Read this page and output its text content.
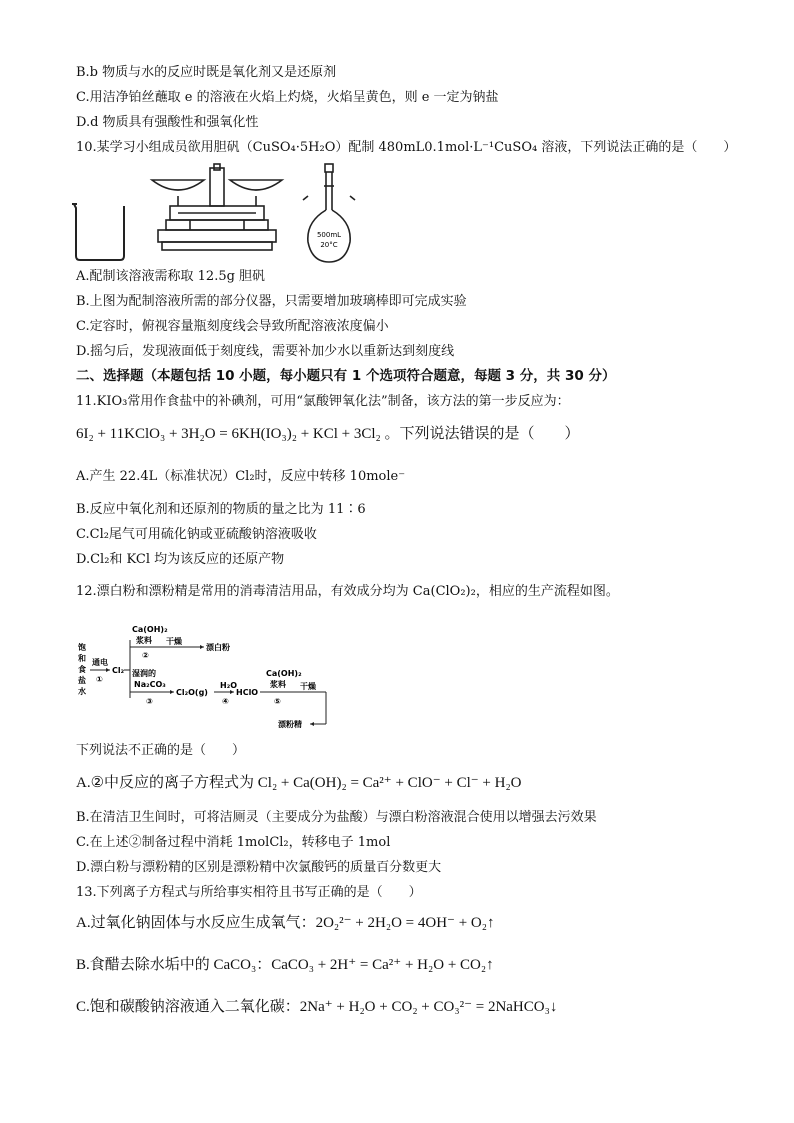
B.b 物质与水的反应时既是氧化剂又是还原剂
C.用洁净铂丝蘸取 e 的溶液在火焰上灼烧，火焰呈黄色，则 e 一定为钠盐
D.d 物质具有强酸性和强氧化性
10.某学习小组成员欲用胆矾（CuSO₄·5H₂O）配制 480mL0.1mol·L⁻¹CuSO₄ 溶液，下列说法正确的是（　　）
500mL
20°C
A.配制该溶液需称取 12.5g 胆矾
B.上图为配制溶液所需的部分仪器，只需要增加玻璃棒即可完成实验
C.定容时，俯视容量瓶刻度线会导致所配溶液浓度偏小
D.摇匀后，发现液面低于刻度线，需要补加少水以重新达到刻度线
二、选择题（本题包括 10 小题，每小题只有 1 个选项符合题意，每题 3 分，共 30 分）
11.KIO₃常用作食盐中的补碘剂，可用“氯酸钾氧化法”制备，该方法的第一步反应为：
6I₂ + 11KClO₃ + 3H₂O = 6KH(IO₃)₂ + KCl + 3Cl₂ 。下列说法错误的是（　　）
A.产生 22.4L（标准状况）Cl₂时，反应中转移 10mole⁻
B.反应中氧化剂和还原剂的物质的量之比为 11∶6
C.Cl₂尾气可用硫化钠或亚硫酸钠溶液吸收
D.Cl₂和 KCl 均为该反应的还原产物
12.漂白粉和漂粉精是常用的消毒清洁用品，有效成分均为 Ca(ClO₂)₂，相应的生产流程如图。
饱
和
食
盐
水
通电
①
Cl₂
Ca(OH)₂
浆料
②
干燥
漂白粉
湿润的
Na₂CO₃
③
Cl₂O(g)
H₂O
④
HClO
Ca(OH)₂
浆料
⑤
干燥
漂粉精
下列说法不正确的是（　　）
A.②中反应的离子方程式为 Cl₂ + Ca(OH)₂ = Ca²⁺ + ClO⁻ + Cl⁻ + H₂O
B.在清洁卫生间时，可将洁厕灵（主要成分为盐酸）与漂白粉溶液混合使用以增强去污效果
C.在上述②制备过程中消耗 1molCl₂，转移电子 1mol
D.漂白粉与漂粉精的区别是漂粉精中次氯酸钙的质量百分数更大
13.下列离子方程式与所给事实相符且书写正确的是（　　）
A.过氧化钠固体与水反应生成氧气：2O₂²⁻ + 2H₂O = 4OH⁻ + O₂↑
B.食醋去除水垢中的 CaCO₃：CaCO₃ + 2H⁺ = Ca²⁺ + H₂O + CO₂↑
C.饱和碳酸钠溶液通入二氧化碳：2Na⁺ + H₂O + CO₂ + CO₃²⁻ = 2NaHCO₃↓
